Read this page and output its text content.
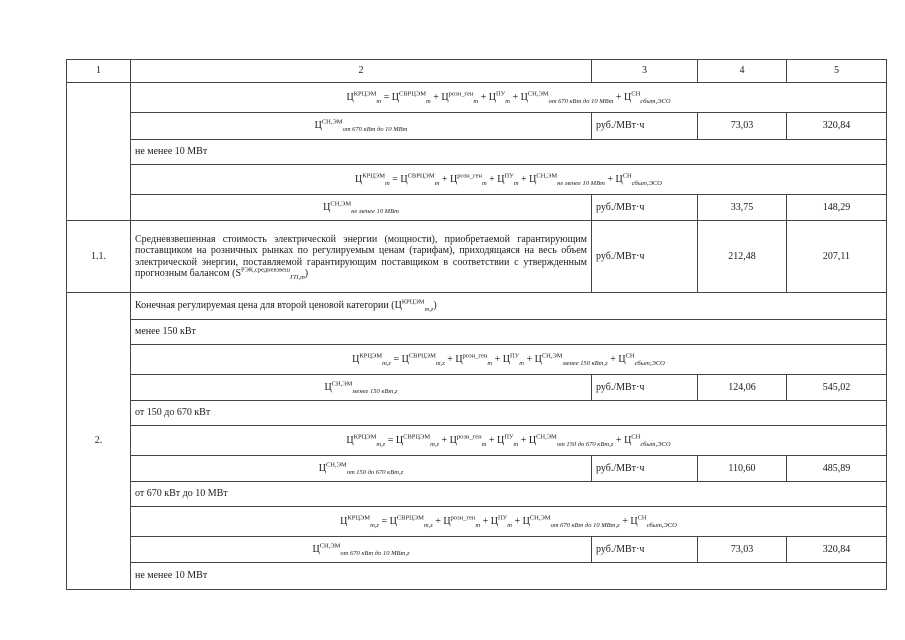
1	2	3	4	5
	$Ц^{КРЦЭМ}_m = Ц^{СВРЦЭМ}_m + Ц^{розн\_ген}_m + Ц^{ПУ}_m + Ц^{СН,ЭМ}_{от 670 кВт до 10 МВт} + Ц^{СН}_{сбыт,ЭСО}$
	$Ц^{СН,ЭМ}_{от 670 кВт до 10 МВт}$	руб./МВт·ч	73,03	320,84
	не менее 10 МВт			
	$Ц^{КРЦЭМ}_m = Ц^{СВРЦЭМ}_m + Ц^{розн\_ген}_m + Ц^{ПУ}_m + Ц^{СН,ЭМ}_{не менее 10 МВт} + Ц^{СН}_{сбыт,ЭСО}$
	$Ц^{СН,ЭМ}_{не менее 10 МВт}$	руб./МВт·ч	33,75	148,29
1.1.	Средневзвешенная стоимость электрической энергии (мощности), приобретаемой гарантирующим поставщиком на розничных рынках по регулируемым ценам (тарифам), приходящаяся на весь объем электрической энергии, поставляемой гарантирующим поставщиком в соответствии с утвержденным прогнозным балансом $(S^{РЭК,средневзвеш}_{ГП,m})$	руб./МВт·ч	212,48	207,11
2.	Конечная регулируемая цена для второй ценовой категории $(Ц^{КРЦЭМ}_{m,z})$			
	менее 150 кВт			
	$Ц^{КРЦЭМ}_{m,z} = Ц^{СВРЦЭМ}_{m,z} + Ц^{розн\_ген}_m + Ц^{ПУ}_m + Ц^{СН,ЭМ}_{менее 150 кВт,z} + Ц^{СН}_{сбыт,ЭСО}$
	$Ц^{СН,ЭМ}_{менее 150 кВт,z}$	руб./МВт·ч	124,06	545,02
	от 150 до 670 кВт			
	$Ц^{КРЦЭМ}_{m,z} = Ц^{СВРЦЭМ}_{m,z} + Ц^{розн\_ген}_m + Ц^{ПУ}_m + Ц^{СН,ЭМ}_{от 150 до 670 кВт,z} + Ц^{СН}_{сбыт,ЭСО}$
	$Ц^{СН,ЭМ}_{от 150 до 670 кВт,z}$	руб./МВт·ч	110,60	485,89
	от 670 кВт до 10 МВт			
	$Ц^{КРЦЭМ}_{m,z} = Ц^{СВРЦЭМ}_{m,z} + Ц^{розн\_ген}_m + Ц^{ПУ}_m + Ц^{СН,ЭМ}_{от 670 кВт до 10 МВт,z} + Ц^{СН}_{сбыт,ЭСО}$
	$Ц^{СН,ЭМ}_{от 670 кВт до 10 МВт,z}$	руб./МВт·ч	73,03	320,84
	не менее 10 МВт			
